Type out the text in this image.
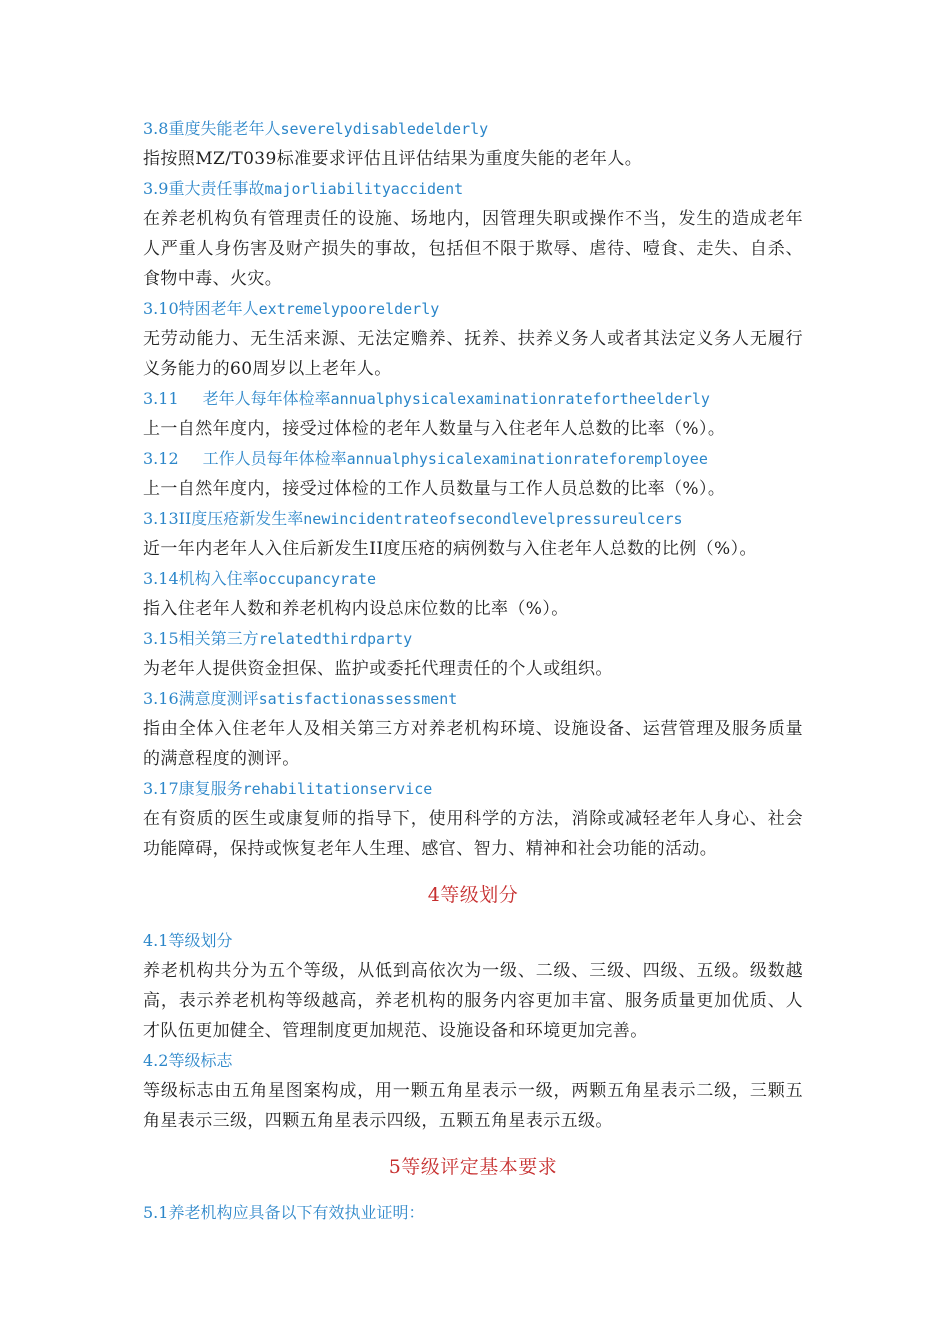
3.8重度失能老年人severelydisabledelderly
指按照MZ/T039标准要求评估且评估结果为重度失能的老年人。
3.9重大责任事故majorliabilityaccident
在养老机构负有管理责任的设施、场地内，因管理失职或操作不当，发生的造成老年人严重人身伤害及财产损失的事故，包括但不限于欺辱、虐待、噎食、走失、自杀、食物中毒、火灾。
3.10特困老年人extremelypoorelderly
无劳动能力、无生活来源、无法定赡养、抚养、扶养义务人或者其法定义务人无履行义务能力的60周岁以上老年人。
3.11 老年人每年体检率annualphysicalexaminationratefortheelderly
上一自然年度内，接受过体检的老年人数量与入住老年人总数的比率（%）。
3.12 工作人员每年体检率annualphysicalexaminationrateforemployee
上一自然年度内，接受过体检的工作人员数量与工作人员总数的比率（%）。
3.13II度压疮新发生率newincidentrateofsecondlevelpressureulcers
近一年内老年人入住后新发生II度压疮的病例数与入住老年人总数的比例（%）。
3.14机构入住率occupancyrate
指入住老年人数和养老机构内设总床位数的比率（%）。
3.15相关第三方relatedthirdparty
为老年人提供资金担保、监护或委托代理责任的个人或组织。
3.16满意度测评satisfactionassessment
指由全体入住老年人及相关第三方对养老机构环境、设施设备、运营管理及服务质量的满意程度的测评。
3.17康复服务rehabilitationservice
在有资质的医生或康复师的指导下，使用科学的方法，消除或减轻老年人身心、社会功能障碍，保持或恢复老年人生理、感官、智力、精神和社会功能的活动。
4等级划分
4.1等级划分
养老机构共分为五个等级，从低到高依次为一级、二级、三级、四级、五级。级数越高，表示养老机构等级越高，养老机构的服务内容更加丰富、服务质量更加优质、人才队伍更加健全、管理制度更加规范、设施设备和环境更加完善。
4.2等级标志
等级标志由五角星图案构成，用一颗五角星表示一级，两颗五角星表示二级，三颗五角星表示三级，四颗五角星表示四级，五颗五角星表示五级。
5等级评定基本要求
5.1养老机构应具备以下有效执业证明：
